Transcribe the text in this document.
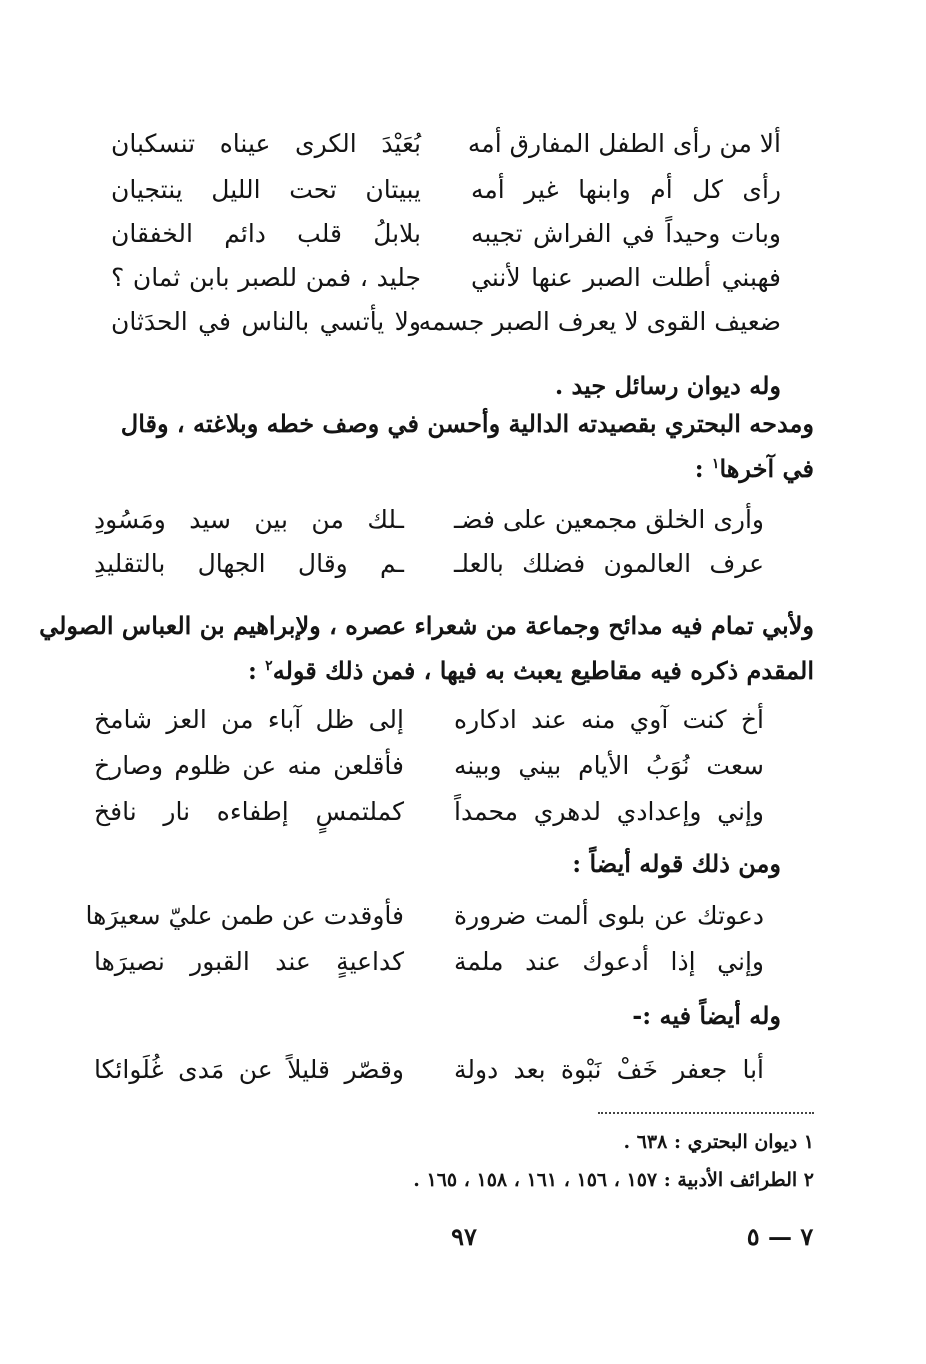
ألا من رأى الطفل المفارق أمه
بُعَيْدَ الكرى عيناه تنسكبان
رأى كل أم وابنها غير أمه
يبيتان تحت الليل ينتجيان
وبات وحيداً في الفراش تجيبه
بلابلُ قلب دائم الخفقان
فهبني أطلت الصبر عنها لأنني
جليد ، فمن للصبر بابن ثمان ؟
ضعيف القوى لا يعرف الصبر جسمه
ولا يأتسي بالناس في الحدَثان
وله ديوان رسائل جيد .
ومدحه البحتري بقصيدته الدالية وأحسن في وصف خطه وبلاغته ، وقال
في آخرها$^١$ :
وأرى الخلق مجمعين على فضـ
ـلك من بين سيد ومَسُودِ
عرف العالمون فضلك بالعلـ
ـم وقال الجهال بالتقليدِ
ولأبي تمام فيه مدائح وجماعة من شعراء عصره ، ولإبراهيم بن العباس الصولي
المقدم ذكره فيه مقاطيع يعبث به فيها ، فمن ذلك قوله$^٢$ :
أخ كنت آوي منه عند ادكاره
إلى ظل آباء من العز شامخ
سعت نُوَبُ الأيام بيني وبينه
فأقلعن منه عن ظلوم وصارخ
وإني وإعدادي لدهري محمداً
كملتمسٍ إطفاءه نار نافخ
ومن ذلك قوله أيضاً :
دعوتك عن بلوى ألمت ضرورة
فأوقدت عن طمن عليّ سعيرَها
وإني إذا أدعوك عند ملمة
كداعيةٍ عند القبور نصيرَها
وله أيضاً فيه :-
أبا جعفر خَفْ نَبْوة بعد دولة
وقصّر قليلاً عن مَدى غُلَوائكا
١ ديوان البحتري : ٦٣٨ .
٢ الطرائف الأدبية : ١٥٧ ، ١٥٦ ، ١٦١ ، ١٥٨ ، ١٦٥ .
٩٧	٧ — ٥
